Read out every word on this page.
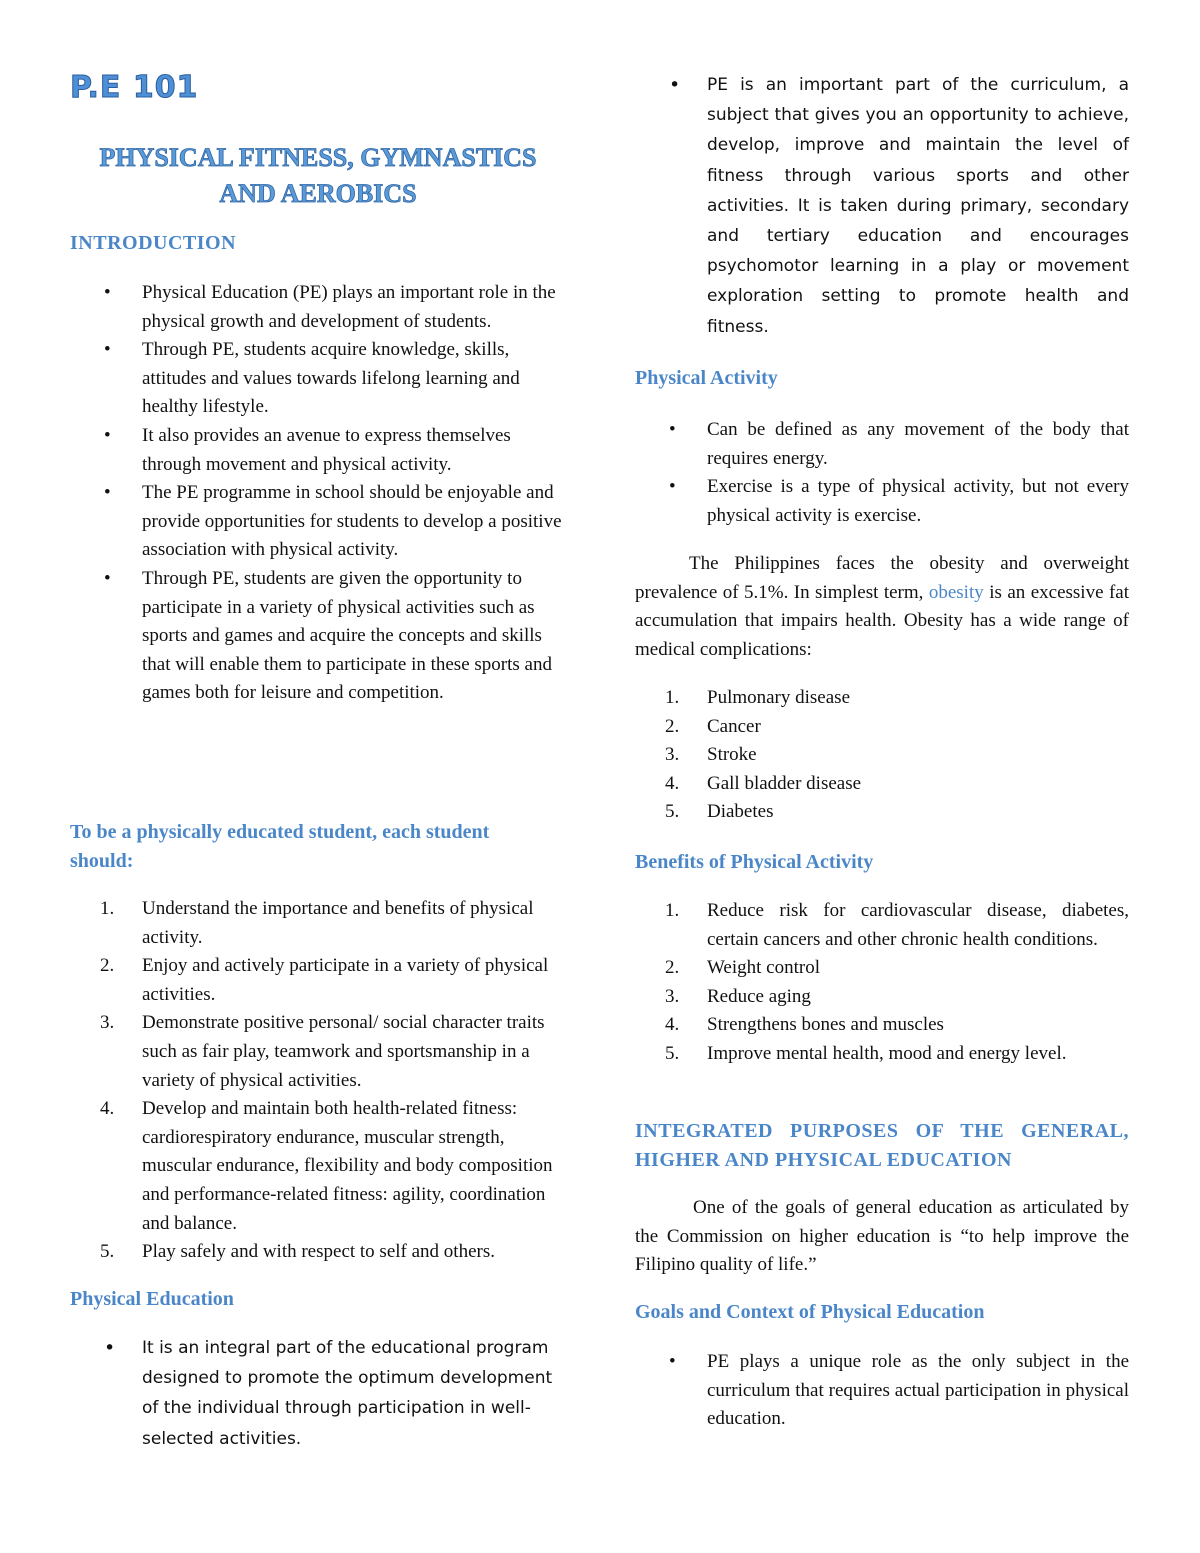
P.E 101
PHYSICAL FITNESS, GYMNASTICS AND AEROBICS
INTRODUCTION
• Physical Education (PE) plays an important role in the physical growth and development of students.
• Through PE, students acquire knowledge, skills, attitudes and values towards lifelong learning and healthy lifestyle.
• It also provides an avenue to express themselves through movement and physical activity.
• The PE programme in school should be enjoyable and provide opportunities for students to develop a positive association with physical activity.
• Through PE, students are given the opportunity to participate in a variety of physical activities such as sports and games and acquire the concepts and skills that will enable them to participate in these sports and games both for leisure and competition.
To be a physically educated student, each student should:
1. Understand the importance and benefits of physical activity.
2. Enjoy and actively participate in a variety of physical activities.
3. Demonstrate positive personal/ social character traits such as fair play, teamwork and sportsmanship in a variety of physical activities.
4. Develop and maintain both health-related fitness: cardiorespiratory endurance, muscular strength, muscular endurance, flexibility and body composition and performance-related fitness: agility, coordination and balance.
5. Play safely and with respect to self and others.
Physical Education
• It is an integral part of the educational program designed to promote the optimum development of the individual through participation in well-selected activities.
• PE is an important part of the curriculum, a subject that gives you an opportunity to achieve, develop, improve and maintain the level of fitness through various sports and other activities. It is taken during primary, secondary and tertiary education and encourages psychomotor learning in a play or movement exploration setting to promote health and fitness.
Physical Activity
• Can be defined as any movement of the body that requires energy.
• Exercise is a type of physical activity, but not every physical activity is exercise.

The Philippines faces the obesity and overweight prevalence of 5.1%. In simplest term, obesity is an excessive fat accumulation that impairs health. Obesity has a wide range of medical complications:

1. Pulmonary disease
2. Cancer
3. Stroke
4. Gall bladder disease
5. Diabetes
Benefits of Physical Activity
1. Reduce risk for cardiovascular disease, diabetes, certain cancers and other chronic health conditions.
2. Weight control
3. Reduce aging
4. Strengthens bones and muscles
5. Improve mental health, mood and energy level.
INTEGRATED PURPOSES OF THE GENERAL, HIGHER AND PHYSICAL EDUCATION

One of the goals of general education as articulated by the Commission on higher education is “to help improve the Filipino quality of life.”

Goals and Context of Physical Education
• PE plays a unique role as the only subject in the curriculum that requires actual participation in physical education.
